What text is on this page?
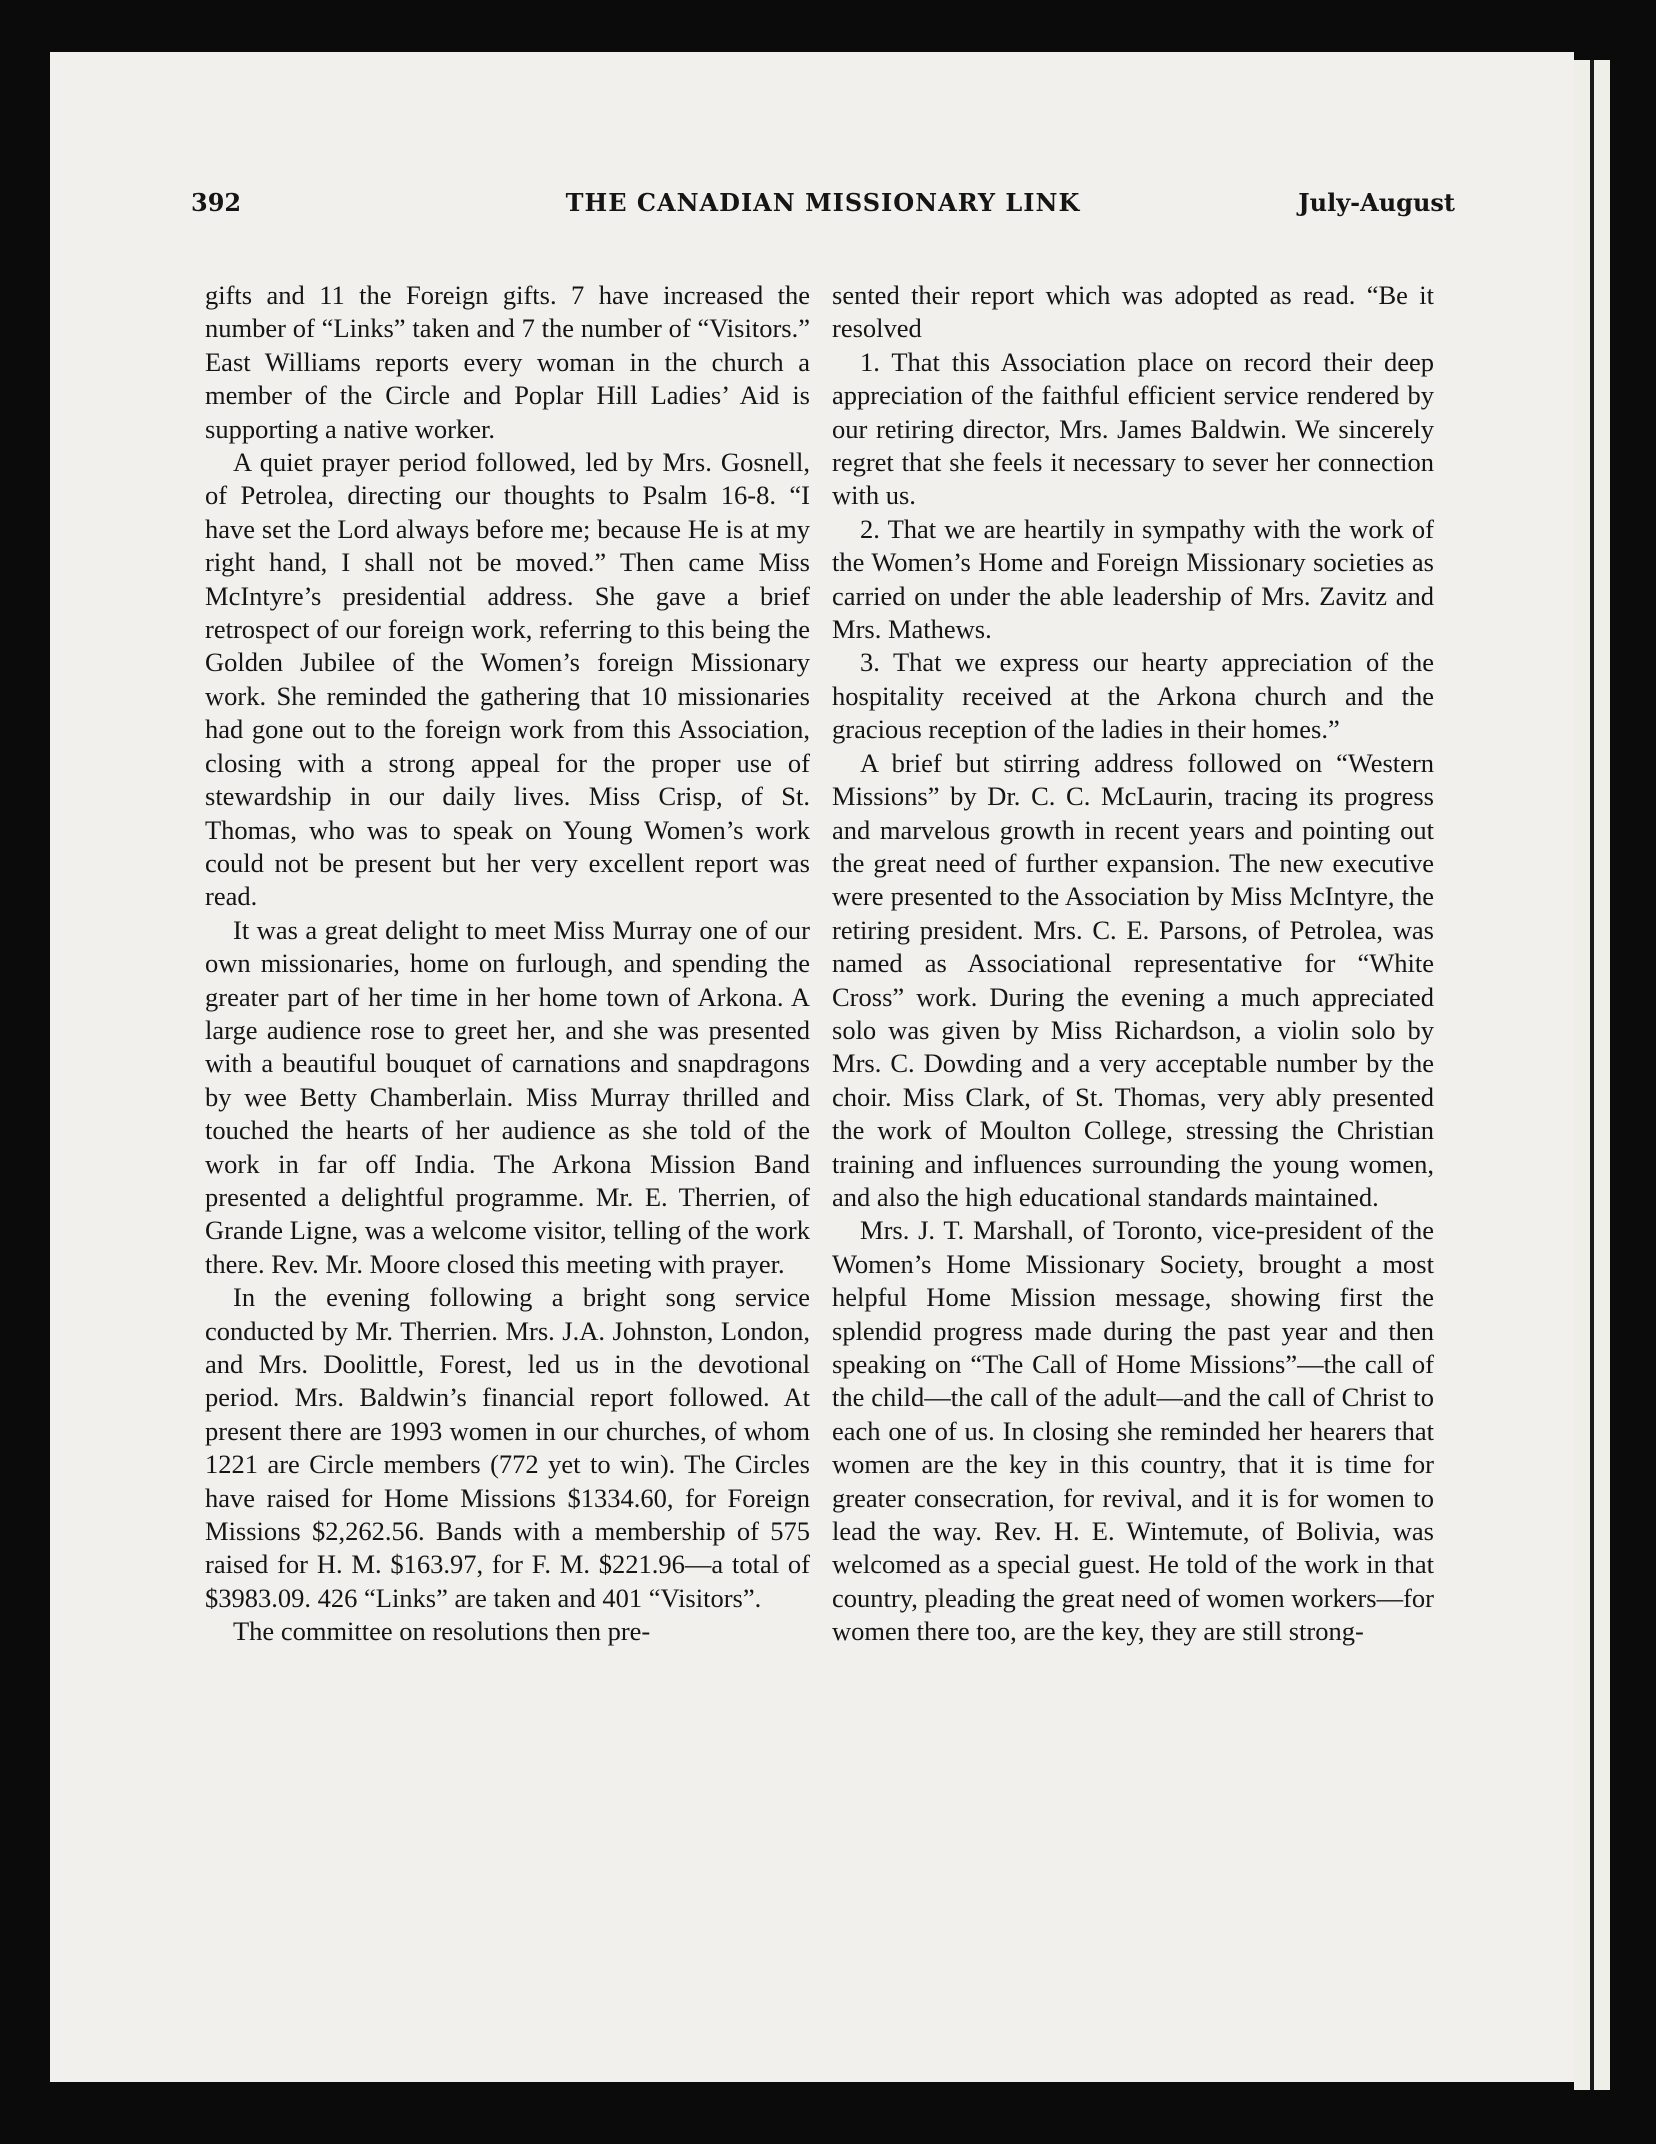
392	THE CANADIAN MISSIONARY LINK	July-August

gifts and 11 the Foreign gifts. 7 have increased the number of “Links” taken and 7 the number of “Visitors.” East Williams reports every woman in the church a member of the Circle and Poplar Hill Ladies’ Aid is supporting a native worker.

A quiet prayer period followed, led by Mrs. Gosnell, of Petrolea, directing our thoughts to Psalm 16-8. “I have set the Lord always before me; because He is at my right hand, I shall not be moved.” Then came Miss McIntyre’s presidential address. She gave a brief retrospect of our foreign work, referring to this being the Golden Jubilee of the Women’s foreign Missionary work. She reminded the gathering that 10 missionaries had gone out to the foreign work from this Association, closing with a strong appeal for the proper use of stewardship in our daily lives. Miss Crisp, of St. Thomas, who was to speak on Young Women’s work could not be present but her very excellent report was read.

It was a great delight to meet Miss Murray one of our own missionaries, home on furlough, and spending the greater part of her time in her home town of Arkona. A large audience rose to greet her, and she was presented with a beautiful bouquet of carnations and snapdragons by wee Betty Chamberlain. Miss Murray thrilled and touched the hearts of her audience as she told of the work in far off India. The Arkona Mission Band presented a delightful programme. Mr. E. Therrien, of Grande Ligne, was a welcome visitor, telling of the work there. Rev. Mr. Moore closed this meeting with prayer.

In the evening following a bright song service conducted by Mr. Therrien. Mrs. J.A. Johnston, London, and Mrs. Doolittle, Forest, led us in the devotional period. Mrs. Baldwin’s financial report followed. At present there are 1993 women in our churches, of whom 1221 are Circle members (772 yet to win). The Circles have raised for Home Missions $1334.60, for Foreign Missions $2,262.56. Bands with a membership of 575 raised for H. M. $163.97, for F. M. $221.96—a total of $3983.09. 426 “Links” are taken and 401 “Visitors”.

The committee on resolutions then pre-

sented their report which was adopted as read. “Be it resolved

1. That this Association place on record their deep appreciation of the faithful efficient service rendered by our retiring director, Mrs. James Baldwin. We sincerely regret that she feels it necessary to sever her connection with us.

2. That we are heartily in sympathy with the work of the Women’s Home and Foreign Missionary societies as carried on under the able leadership of Mrs. Zavitz and Mrs. Mathews.

3. That we express our hearty appreciation of the hospitality received at the Arkona church and the gracious reception of the ladies in their homes.”

A brief but stirring address followed on “Western Missions” by Dr. C. C. McLaurin, tracing its progress and marvelous growth in recent years and pointing out the great need of further expansion. The new executive were presented to the Association by Miss McIntyre, the retiring president. Mrs. C. E. Parsons, of Petrolea, was named as Associational representative for “White Cross” work. During the evening a much appreciated solo was given by Miss Richardson, a violin solo by Mrs. C. Dowding and a very acceptable number by the choir. Miss Clark, of St. Thomas, very ably presented the work of Moulton College, stressing the Christian training and influences surrounding the young women, and also the high educational standards maintained.

Mrs. J. T. Marshall, of Toronto, vice-president of the Women’s Home Missionary Society, brought a most helpful Home Mission message, showing first the splendid progress made during the past year and then speaking on “The Call of Home Missions”—the call of the child—the call of the adult—and the call of Christ to each one of us. In closing she reminded her hearers that women are the key in this country, that it is time for greater consecration, for revival, and it is for women to lead the way. Rev. H. E. Wintemute, of Bolivia, was welcomed as a special guest. He told of the work in that country, pleading the great need of women workers—for women there too, are the key, they are still strong-
